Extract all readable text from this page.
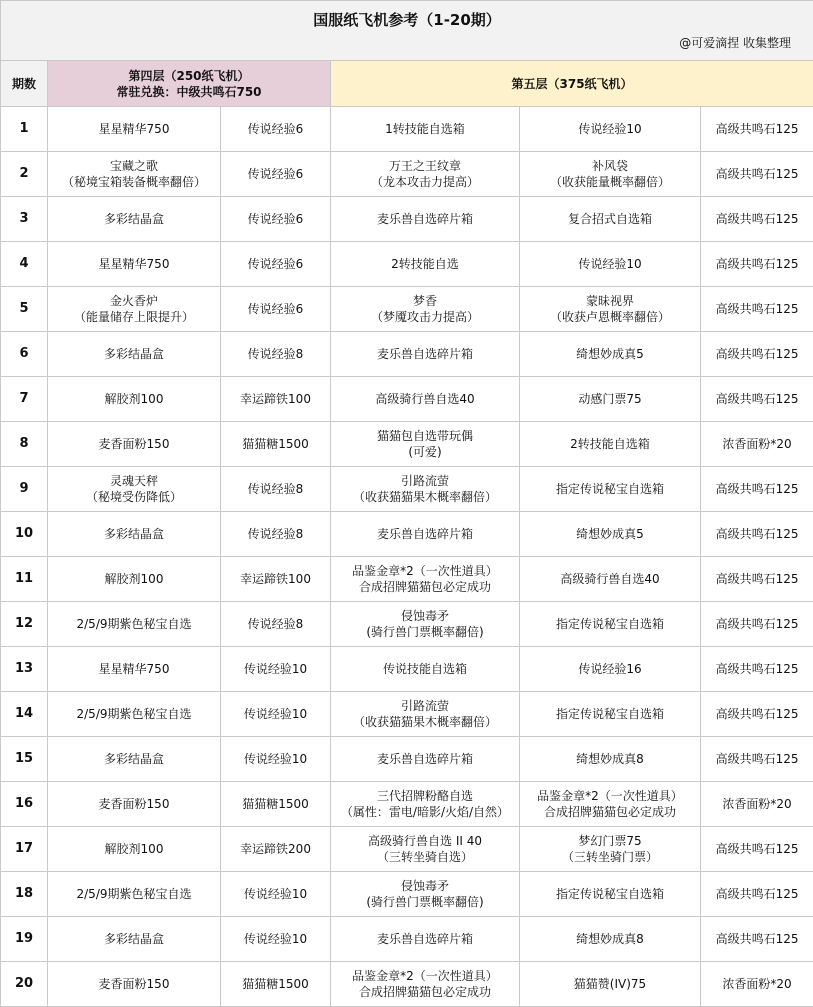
国服纸飞机参考（1-20期）
@可爱滴捏 收集整理					

期数	第四层（250纸飞机）
常驻兑换：中级共鸣石750		第五层（375纸飞机）		
1	星星精华750	传说经验6	1转技能自选箱	传说经验10	高级共鸣石125

2	宝藏之歌
（秘境宝箱装备概率翻倍）	传说经验6	万王之王纹章
（龙本攻击力提高）	补风袋
（收获能量概率翻倍）	高级共鸣石125

3	多彩结晶盒	传说经验6	麦乐兽自选碎片箱	复合招式自选箱	高级共鸣石125

4	星星精华750	传说经验6	2转技能自选	传说经验10	高级共鸣石125

5	金火香炉
（能量储存上限提升）	传说经验6	梦香
（梦魇攻击力提高）	蒙昧视界
（收获卢恩概率翻倍）	高级共鸣石125

6	多彩结晶盒	传说经验8	麦乐兽自选碎片箱	绮想妙成真5	高级共鸣石125

7	解胶剂100	幸运蹄铁100	高级骑行兽自选40	动感门票75	高级共鸣石125

8	麦香面粉150	猫猫糖1500	猫猫包自选带玩偶
(可爱)	2转技能自选箱	浓香面粉*20

9	灵魂天秤
（秘境受伤降低）	传说经验8	引路流萤
（收获猫猫果木概率翻倍）	指定传说秘宝自选箱	高级共鸣石125

10	多彩结晶盒	传说经验8	麦乐兽自选碎片箱	绮想妙成真5	高级共鸣石125

11	解胶剂100	幸运蹄铁100	品鉴金章*2（一次性道具）
合成招牌猫猫包必定成功	高级骑行兽自选40	高级共鸣石125

12	2/5/9期紫色秘宝自选	传说经验8	侵蚀毒矛
(骑行兽门票概率翻倍)	指定传说秘宝自选箱	高级共鸣石125

13	星星精华750	传说经验10	传说技能自选箱	传说经验16	高级共鸣石125

14	2/5/9期紫色秘宝自选	传说经验10	引路流萤
（收获猫猫果木概率翻倍）	指定传说秘宝自选箱	高级共鸣石125

15	多彩结晶盒	传说经验10	麦乐兽自选碎片箱	绮想妙成真8	高级共鸣石125

16	麦香面粉150	猫猫糖1500	三代招牌粉酪自选
（属性：雷电/暗影/火焰/自然）	品鉴金章*2（一次性道具）
合成招牌猫猫包必定成功	浓香面粉*20

17	解胶剂100	幸运蹄铁200	高级骑行兽自选 II 40
（三转坐骑自选）	梦幻门票75
（三转坐骑门票）	高级共鸣石125

18	2/5/9期紫色秘宝自选	传说经验10	侵蚀毒矛
(骑行兽门票概率翻倍)	指定传说秘宝自选箱	高级共鸣石125

19	多彩结晶盒	传说经验10	麦乐兽自选碎片箱	绮想妙成真8	高级共鸣石125

20	麦香面粉150	猫猫糖1500	品鉴金章*2（一次性道具）
合成招牌猫猫包必定成功	猫猫赞(IV)75	浓香面粉*20
